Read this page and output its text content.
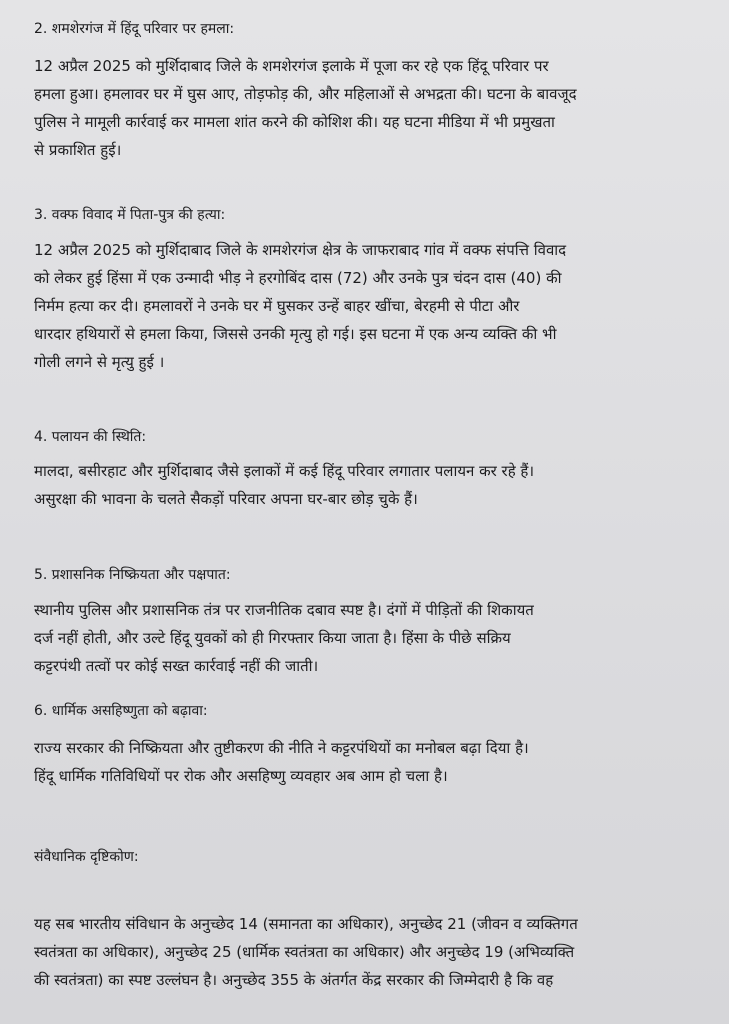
2. शमशेरगंज में हिंदू परिवार पर हमला:
12 अप्रैल 2025 को मुर्शिदाबाद जिले के शमशेरगंज इलाके में पूजा कर रहे एक हिंदू परिवार पर
हमला हुआ। हमलावर घर में घुस आए, तोड़फोड़ की, और महिलाओं से अभद्रता की। घटना के बावजूद
पुलिस ने मामूली कार्रवाई कर मामला शांत करने की कोशिश की। यह घटना मीडिया में भी प्रमुखता
से प्रकाशित हुई।
3. वक्फ विवाद में पिता-पुत्र की हत्या:
12 अप्रैल 2025 को मुर्शिदाबाद जिले के शमशेरगंज क्षेत्र के जाफराबाद गांव में वक्फ संपत्ति विवाद
को लेकर हुई हिंसा में एक उन्मादी भीड़ ने हरगोबिंद दास (72) और उनके पुत्र चंदन दास (40) की
निर्मम हत्या कर दी। हमलावरों ने उनके घर में घुसकर उन्हें बाहर खींचा, बेरहमी से पीटा और
धारदार हथियारों से हमला किया, जिससे उनकी मृत्यु हो गई। इस घटना में एक अन्य व्यक्ति की भी
गोली लगने से मृत्यु हुई ।
4. पलायन की स्थिति:
मालदा, बसीरहाट और मुर्शिदाबाद जैसे इलाकों में कई हिंदू परिवार लगातार पलायन कर रहे हैं।
असुरक्षा की भावना के चलते सैकड़ों परिवार अपना घर-बार छोड़ चुके हैं।
5. प्रशासनिक निष्क्रियता और पक्षपात:
स्थानीय पुलिस और प्रशासनिक तंत्र पर राजनीतिक दबाव स्पष्ट है। दंगों में पीड़ितों की शिकायत
दर्ज नहीं होती, और उल्टे हिंदू युवकों को ही गिरफ्तार किया जाता है। हिंसा के पीछे सक्रिय
कट्टरपंथी तत्वों पर कोई सख्त कार्रवाई नहीं की जाती।
6. धार्मिक असहिष्णुता को बढ़ावा:
राज्य सरकार की निष्क्रियता और तुष्टीकरण की नीति ने कट्टरपंथियों का मनोबल बढ़ा दिया है।
हिंदू धार्मिक गतिविधियों पर रोक और असहिष्णु व्यवहार अब आम हो चला है।
संवैधानिक दृष्टिकोण:
यह सब भारतीय संविधान के अनुच्छेद 14 (समानता का अधिकार), अनुच्छेद 21 (जीवन व व्यक्तिगत
स्वतंत्रता का अधिकार), अनुच्छेद 25 (धार्मिक स्वतंत्रता का अधिकार) और अनुच्छेद 19 (अभिव्यक्ति
की स्वतंत्रता) का स्पष्ट उल्लंघन है। अनुच्छेद 355 के अंतर्गत केंद्र सरकार की जिम्मेदारी है कि वह
